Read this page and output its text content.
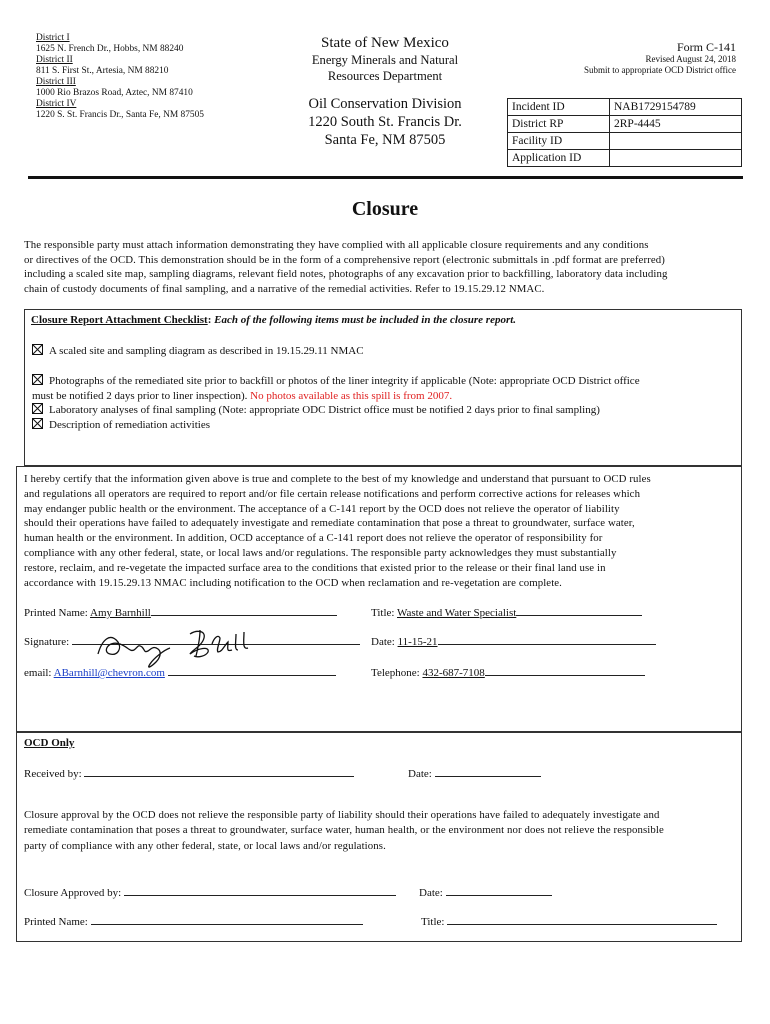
District I
1625 N. French Dr., Hobbs, NM 88240
District II
811 S. First St., Artesia, NM 88210
District III
1000 Rio Brazos Road, Aztec, NM 87410
District IV
1220 S. St. Francis Dr., Santa Fe, NM 87505
State of New Mexico
Energy Minerals and Natural
Resources Department
Oil Conservation Division
1220 South St. Francis Dr.
Santa Fe, NM 87505
Form C-141
Revised August 24, 2018
Submit to appropriate OCD District office
Incident ID	NAB1729154789
District RP	2RP-4445
Facility ID	
Application ID	
Closure
The responsible party must attach information demonstrating they have complied with all applicable closure requirements and any conditions
or directives of the OCD. This demonstration should be in the form of a comprehensive report (electronic submittals in .pdf format are preferred)
including a scaled site map, sampling diagrams, relevant field notes, photographs of any excavation prior to backfilling, laboratory data including
chain of custody documents of final sampling, and a narrative of the remedial activities. Refer to 19.15.29.12 NMAC.
Closure Report Attachment Checklist: Each of the following items must be included in the closure report.
A scaled site and sampling diagram as described in 19.15.29.11 NMAC
Photographs of the remediated site prior to backfill or photos of the liner integrity if applicable (Note: appropriate OCD District office
must be notified 2 days prior to liner inspection). No photos available as this spill is from 2007.
Laboratory analyses of final sampling (Note: appropriate ODC District office must be notified 2 days prior to final sampling)
Description of remediation activities
I hereby certify that the information given above is true and complete to the best of my knowledge and understand that pursuant to OCD rules
and regulations all operators are required to report and/or file certain release notifications and perform corrective actions for releases which
may endanger public health or the environment. The acceptance of a C-141 report by the OCD does not relieve the operator of liability
should their operations have failed to adequately investigate and remediate contamination that pose a threat to groundwater, surface water,
human health or the environment. In addition, OCD acceptance of a C-141 report does not relieve the operator of responsibility for
compliance with any other federal, state, or local laws and/or regulations. The responsible party acknowledges they must substantially
restore, reclaim, and re-vegetate the impacted surface area to the conditions that existed prior to the release or their final land use in
accordance with 19.15.29.13 NMAC including notification to the OCD when reclamation and re-vegetation are complete.
Printed Name: Amy Barnhill	Title: Waste and Water Specialist
Signature:	Date: 11-15-21
email: ABarnhill@chevron.com	Telephone: 432-687-7108
OCD Only
Received by:	Date:
Closure approval by the OCD does not relieve the responsible party of liability should their operations have failed to adequately investigate and
remediate contamination that poses a threat to groundwater, surface water, human health, or the environment nor does not relieve the responsible
party of compliance with any other federal, state, or local laws and/or regulations.
Closure Approved by:	Date:
Printed Name:	Title:
